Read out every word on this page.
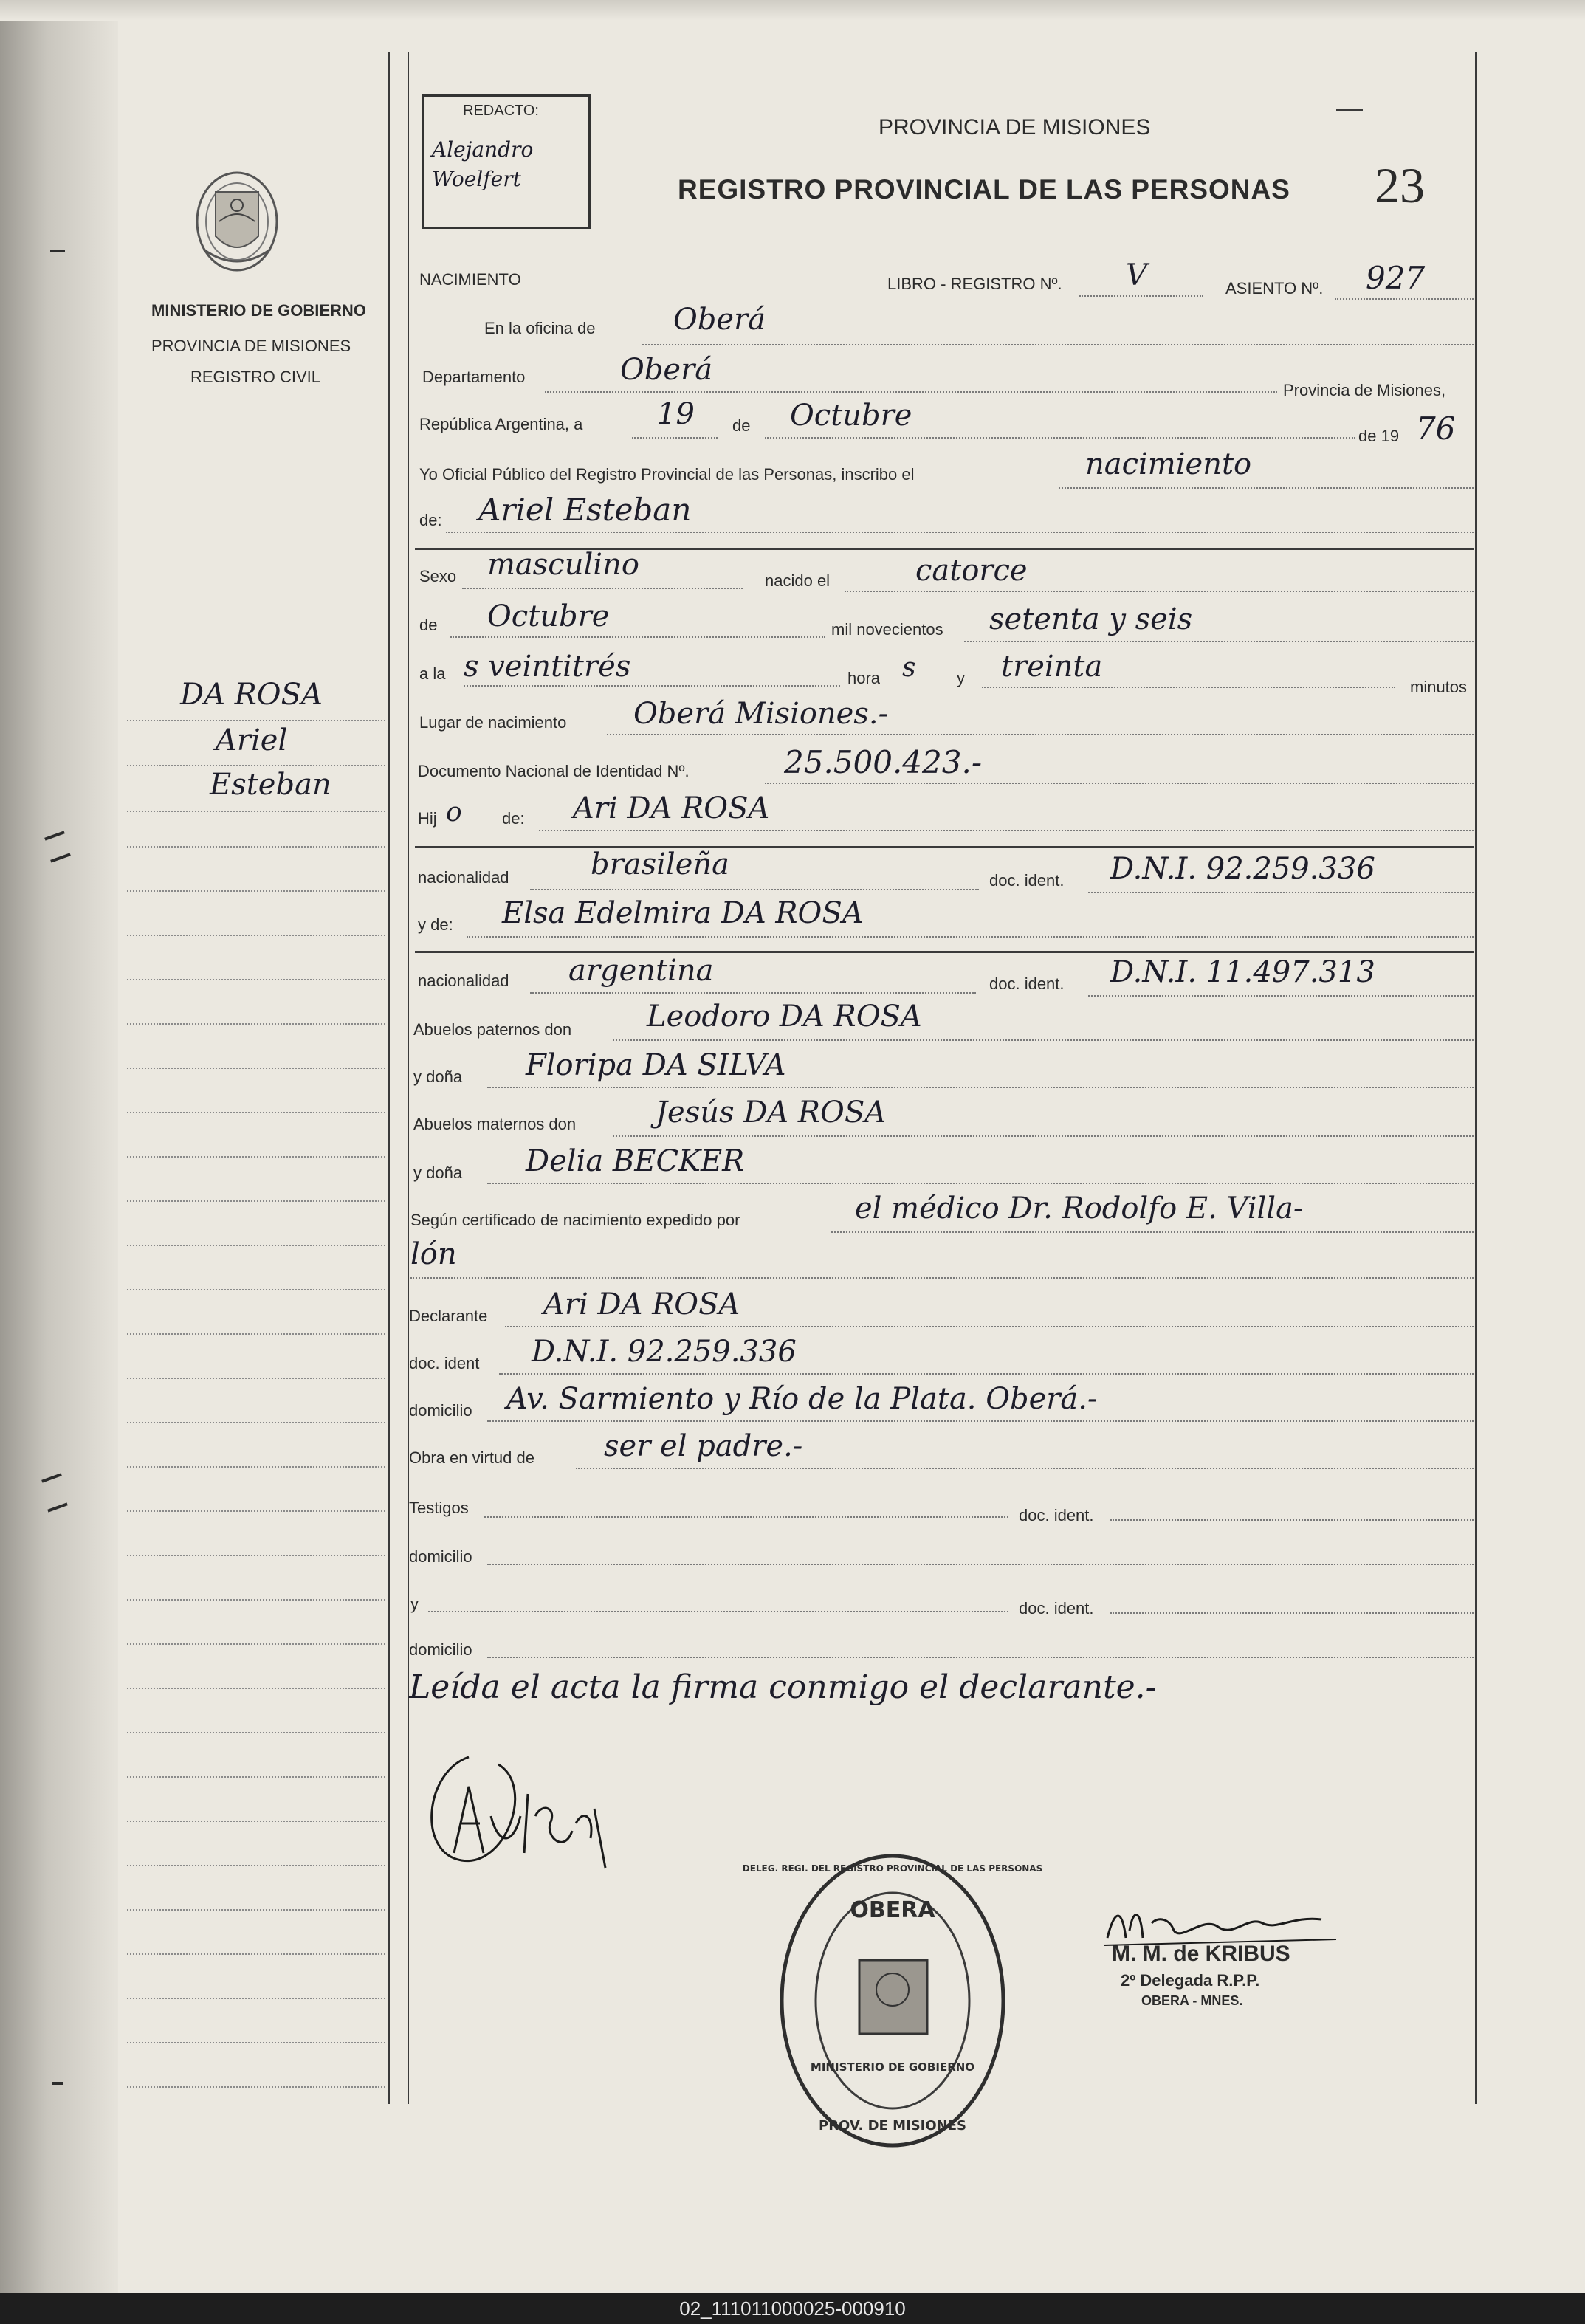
MINISTERIO DE GOBIERNO
PROVINCIA DE MISIONES
REGISTRO CIVIL
DA ROSA
Ariel
Esteban
REDACTO:
Alejandro Woelfert
PROVINCIA DE MISIONES
REGISTRO PROVINCIAL DE LAS PERSONAS 23
NACIMIENTO	LIBRO - REGISTRO Nº. V	ASIENTO Nº. 927
En la oficina de	Oberá
Departamento	Oberá
Provincia de Misiones,
República Argentina, a	19 de Octubre
de 19 76
Yo Oficial Público del Registro Provincial de las Personas, inscribo el	nacimiento
de: Ariel Esteban
Sexo masculino	nacido el	catorce
de Octubre	mil novecientos setenta y seis
a la s veintitrés	hora	y
s	treinta
minutos
Lugar de nacimiento Oberá Misiones.-
Documento Nacional de Identidad Nº.	25.500.423.-
Hij o de: Ari DA ROSA
nacionalidad	brasileña	doc. ident. D.N.I. 92.259.336
y de: Elsa Edelmira DA ROSA
nacionalidad argentina	doc. ident. D.N.I. 11.497.313
Abuelos paternos don	Leodoro DA ROSA
y doña Floripa DA SILVA
Abuelos maternos don	Jesús DA ROSA
y doña Delia BECKER
Según certificado de nacimiento expedido por	el médico Dr. Rodolfo E. Villa-
lón
Declarante Ari DA ROSA
doc. ident D.N.I. 92.259.336
domicilio Av. Sarmiento y Río de la Plata. Oberá.-
Obra en virtud de ser el padre.-
Testigos	doc. ident.
domicilio
y	doc. ident.
domicilio
Leída el acta la firma conmigo el declarante.-
OBERA
DELEG. REGI. DEL REGISTRO PROVINCIAL DE LAS PERSONAS
MINISTERIO DE GOBIERNO
PROV. DE MISIONES
M. M. de KRIBUS
2º Delegada R.P.P.
OBERA - MNES.
02_111011000025-000910
